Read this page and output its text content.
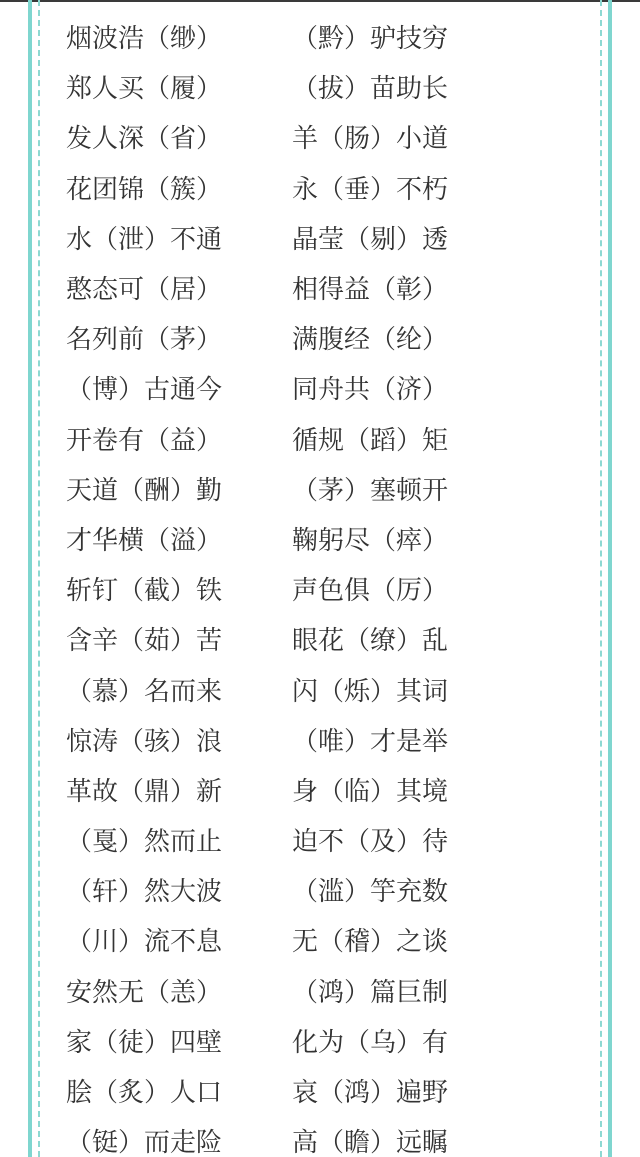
烟波浩（缈）	（黔）驴技穷
郑人买（履）	（拔）苗助长
发人深（省）	羊（肠）小道
花团锦（簇）	永（垂）不朽
水（泄）不通	晶莹（剔）透
憨态可（居）	相得益（彰）
名列前（茅）	满腹经（纶）
（博）古通今	同舟共（济）
开卷有（益）	循规（蹈）矩
天道（酬）勤	（茅）塞顿开
才华横（溢）	鞠躬尽（瘁）
斩钉（截）铁	声色俱（厉）
含辛（茹）苦	眼花（缭）乱
（慕）名而来	闪（烁）其词
惊涛（骇）浪	（唯）才是举
革故（鼎）新	身（临）其境
（戛）然而止	迫不（及）待
（轩）然大波	（滥）竽充数
（川）流不息	无（稽）之谈
安然无（恙）	（鸿）篇巨制
家（徒）四壁	化为（乌）有
脍（炙）人口	哀（鸿）遍野
（铤）而走险	高（瞻）远瞩
